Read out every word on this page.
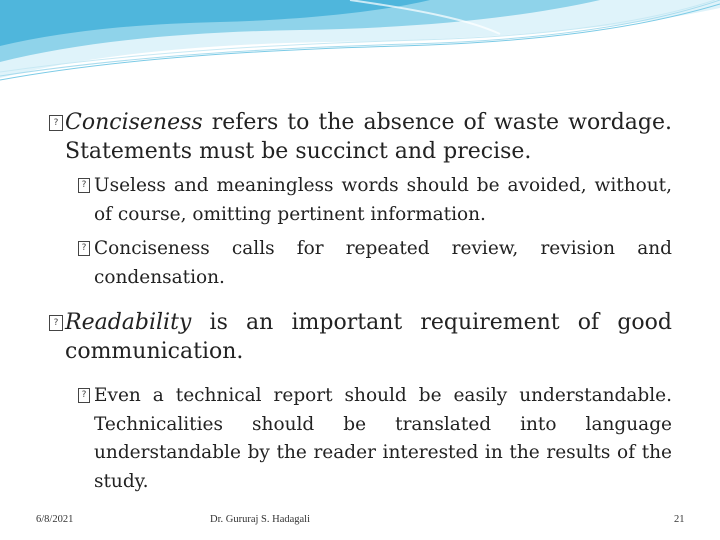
? Conciseness refers to the absence of waste wordage. Statements must be succinct and precise.
? Useless and meaningless words should be avoided, without, of course, omitting pertinent information.
? Conciseness calls for repeated review, revision and condensation.
? Readability is an important requirement of good communication.
? Even a technical report should be easily understandable. Technicalities should be translated into language understandable by the reader interested in the results of the study.
6/8/2021	Dr. Gururaj S. Hadagali	21
